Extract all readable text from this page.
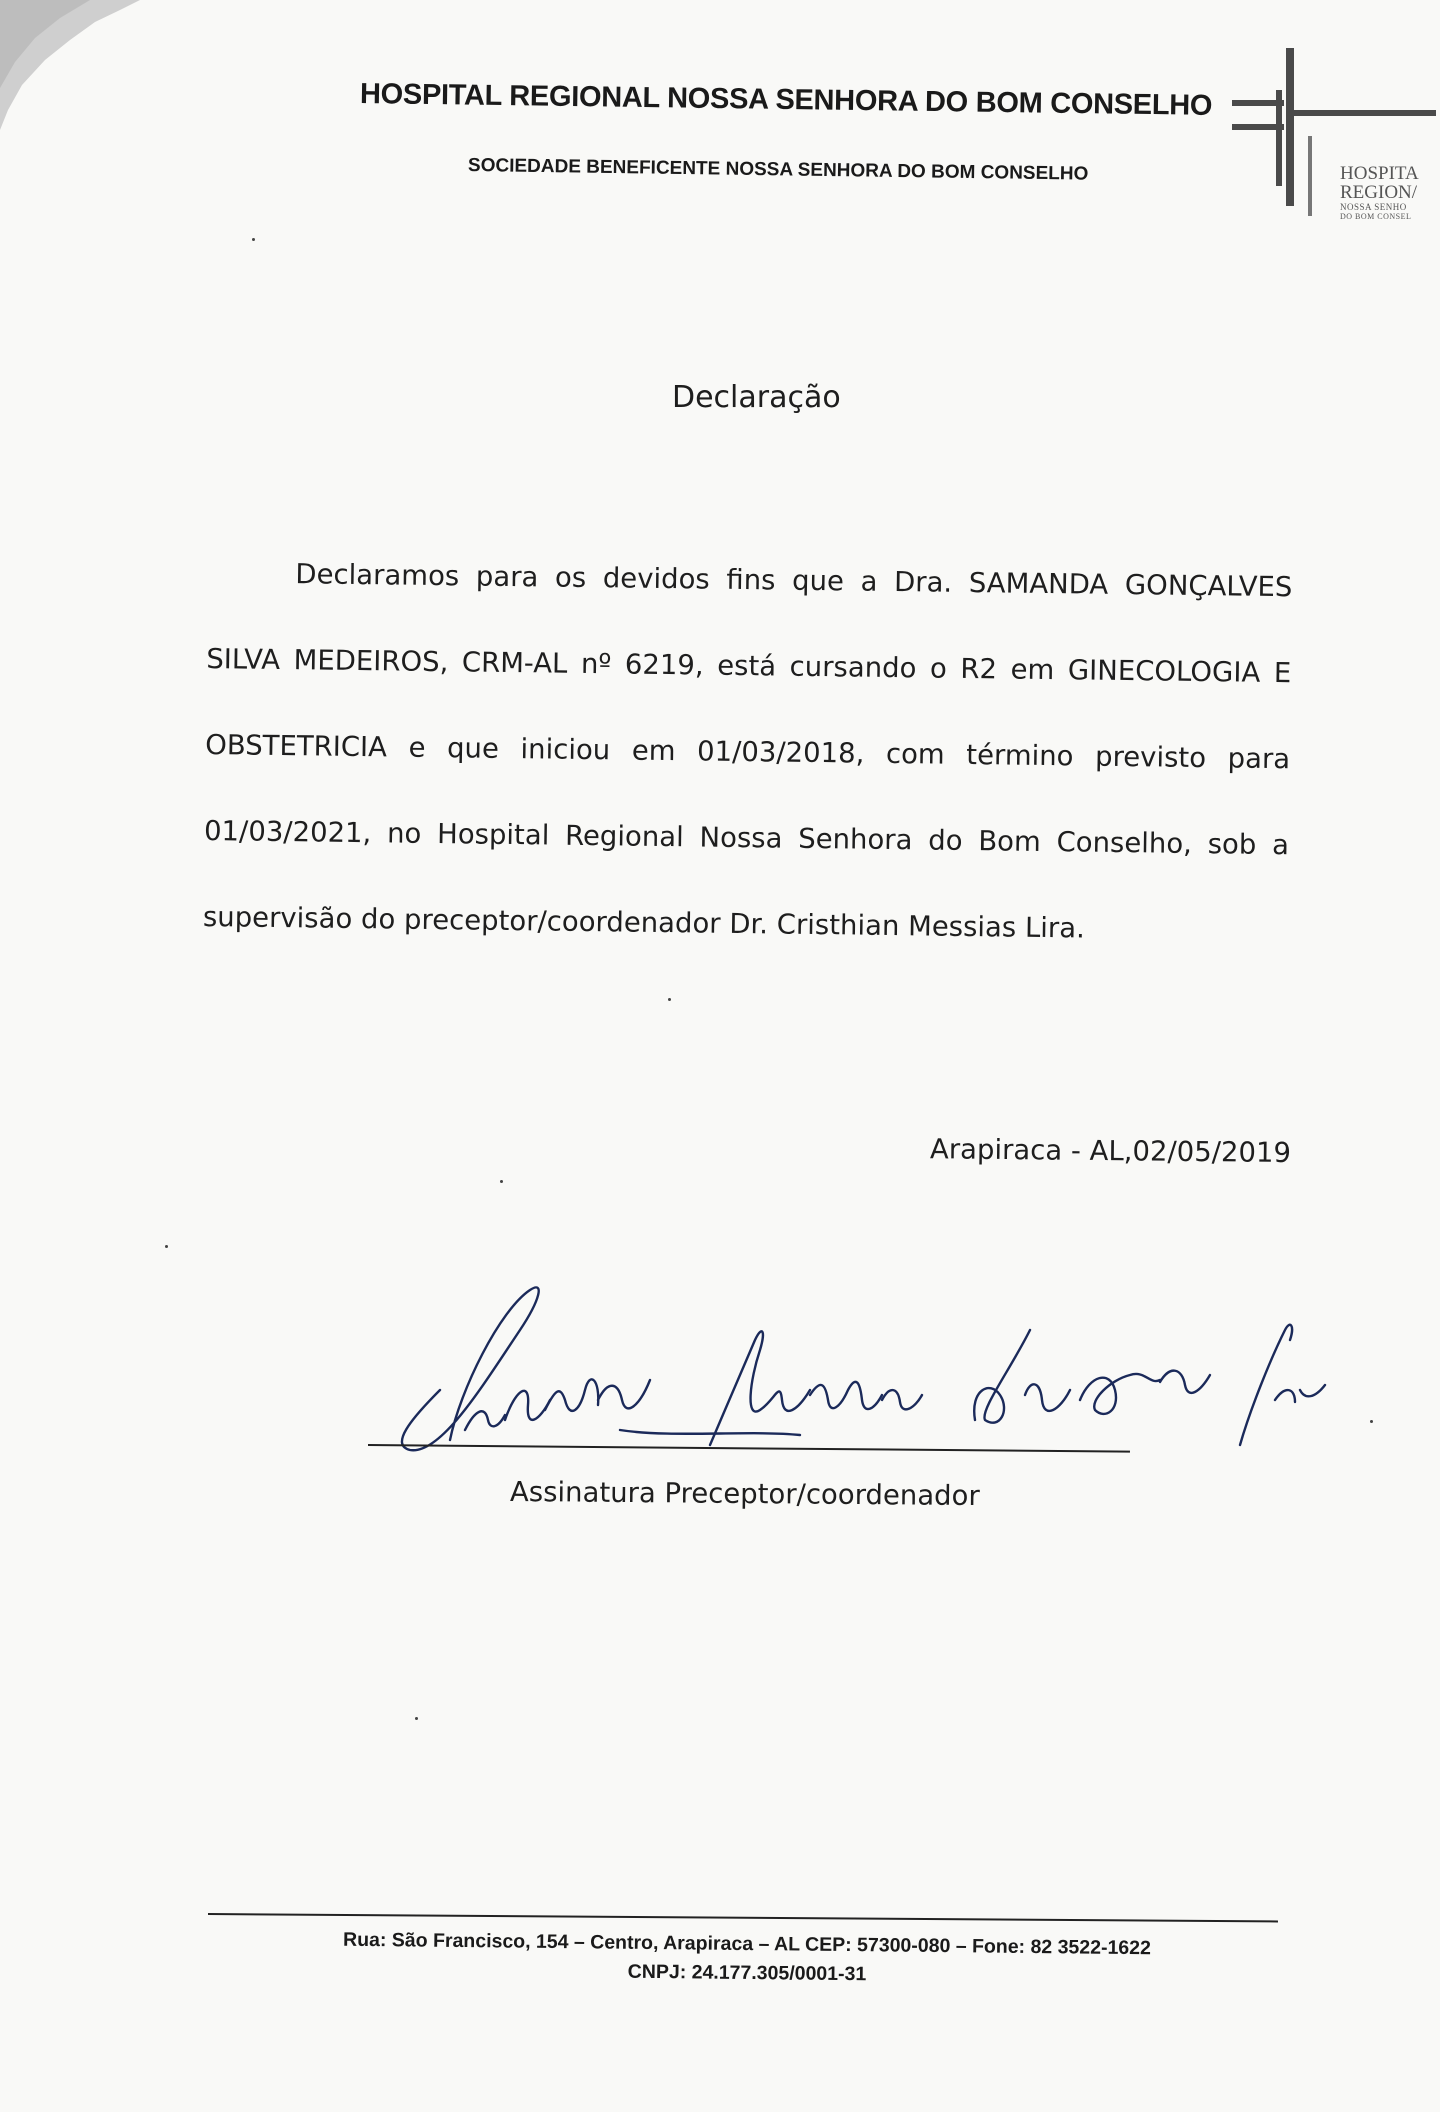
HOSPITAL REGIONAL NOSSA SENHORA DO BOM CONSELHO
SOCIEDADE BENEFICENTE NOSSA SENHORA DO BOM CONSELHO	HOSPITA
REGION/
NOSSA SENHO
DO BOM CONSEL
Declaração

Declaramos para os devidos fins que a Dra. SAMANDA GONÇALVES SILVA MEDEIROS, CRM-AL nº 6219, está cursando o R2 em GINECOLOGIA E OBSTETRICIA e que iniciou em 01/03/2018, com término previsto para 01/03/2021, no Hospital Regional Nossa Senhora do Bom Conselho, sob a supervisão do preceptor/coordenador Dr. Cristhian Messias Lira.

Arapiraca - AL,02/05/2019
Assinatura Preceptor/coordenador
Rua: São Francisco, 154 – Centro, Arapiraca – AL CEP: 57300-080 – Fone: 82 3522-1622
CNPJ: 24.177.305/0001-31
